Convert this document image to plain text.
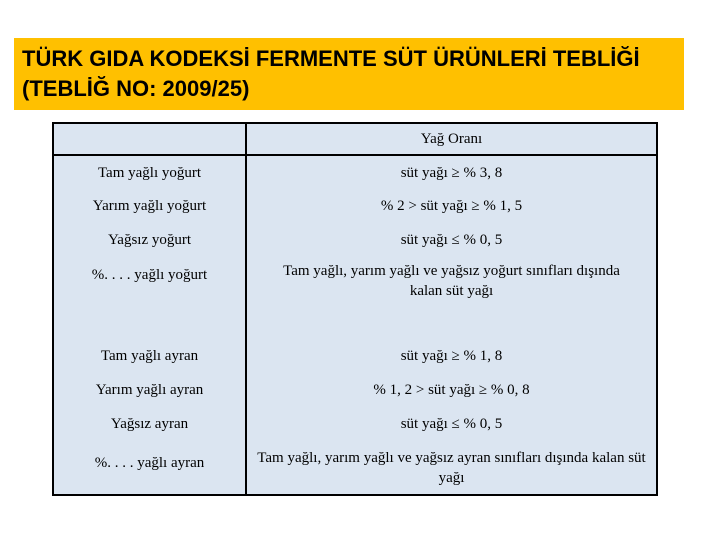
TÜRK GIDA KODEKSİ FERMENTE SÜT ÜRÜNLERİ TEBLİĞİ
(TEBLİĞ NO: 2009/25)
	Yağ Oranı
Tam yağlı yoğurt	süt yağı ≥ % 3, 8
Yarım yağlı yoğurt	% 2 > süt yağı ≥ % 1, 5
Yağsız yoğurt	süt yağı ≤ % 0, 5
%. . . . yağlı yoğurt	Tam yağlı, yarım yağlı ve yağsız yoğurt sınıfları dışında kalan süt yağı

Tam yağlı ayran	süt yağı ≥ % 1, 8
Yarım yağlı ayran	% 1, 2 > süt yağı ≥ % 0, 8
Yağsız ayran	süt yağı ≤ % 0, 5
%. . . . yağlı ayran	Tam yağlı, yarım yağlı ve yağsız ayran sınıfları dışında kalan süt yağı
